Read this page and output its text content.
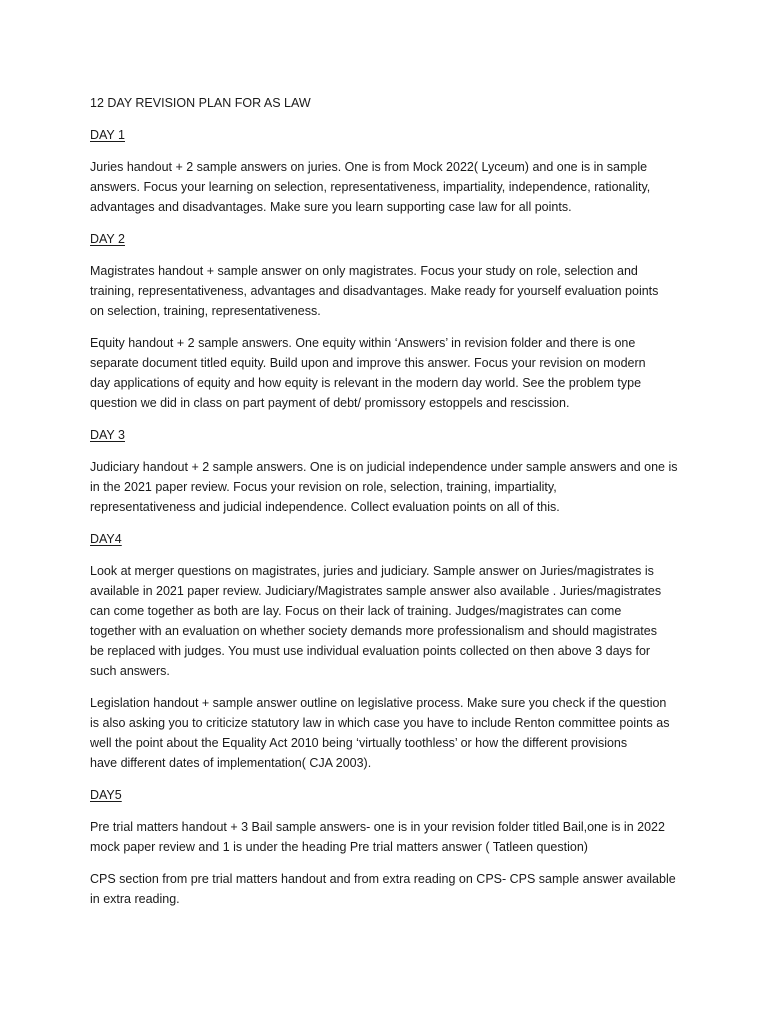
12 DAY REVISION PLAN FOR AS LAW
DAY 1
Juries handout + 2 sample answers on juries. One is from Mock 2022( Lyceum) and one is in sample
answers. Focus your learning on selection, representativeness, impartiality, independence, rationality,
advantages and disadvantages. Make sure you learn supporting case law for all points.
DAY 2
Magistrates handout + sample answer on only magistrates. Focus your study on role, selection and
training, representativeness, advantages and disadvantages. Make ready for yourself evaluation points
on selection, training, representativeness.
Equity handout + 2 sample answers. One equity within ‘Answers’ in revision folder and there is one
separate document titled equity. Build upon and improve this answer. Focus your revision on modern
day applications of equity and how equity is relevant in the modern day world. See the problem type
question we did in class on part payment of debt/ promissory estoppels and rescission.
DAY 3
Judiciary handout + 2 sample answers. One is on judicial independence under sample answers and one is
in the 2021 paper review. Focus your revision on role, selection, training, impartiality,
representativeness and judicial independence. Collect evaluation points on all of this.
DAY4
Look at merger questions on magistrates, juries and judiciary. Sample answer on Juries/magistrates is
available in 2021 paper review. Judiciary/Magistrates sample answer also available . Juries/magistrates
can come together as both are lay. Focus on their lack of training. Judges/magistrates can come
together with an evaluation on whether society demands more professionalism and should magistrates
be replaced with judges. You must use individual evaluation points collected on then above 3 days for
such answers.
Legislation handout + sample answer outline on legislative process. Make sure you check if the question
is also asking you to criticize statutory law in which case you have to include Renton committee points as
well the point about the Equality Act 2010 being ‘virtually toothless’ or how the different provisions
have different dates of implementation( CJA 2003).
DAY5
Pre trial matters handout + 3 Bail sample answers- one is in your revision folder titled Bail,one is in 2022
mock paper review and 1 is under the heading Pre trial matters answer ( Tatleen question)
CPS section from pre trial matters handout and from extra reading on CPS- CPS sample answer available
in extra reading.
